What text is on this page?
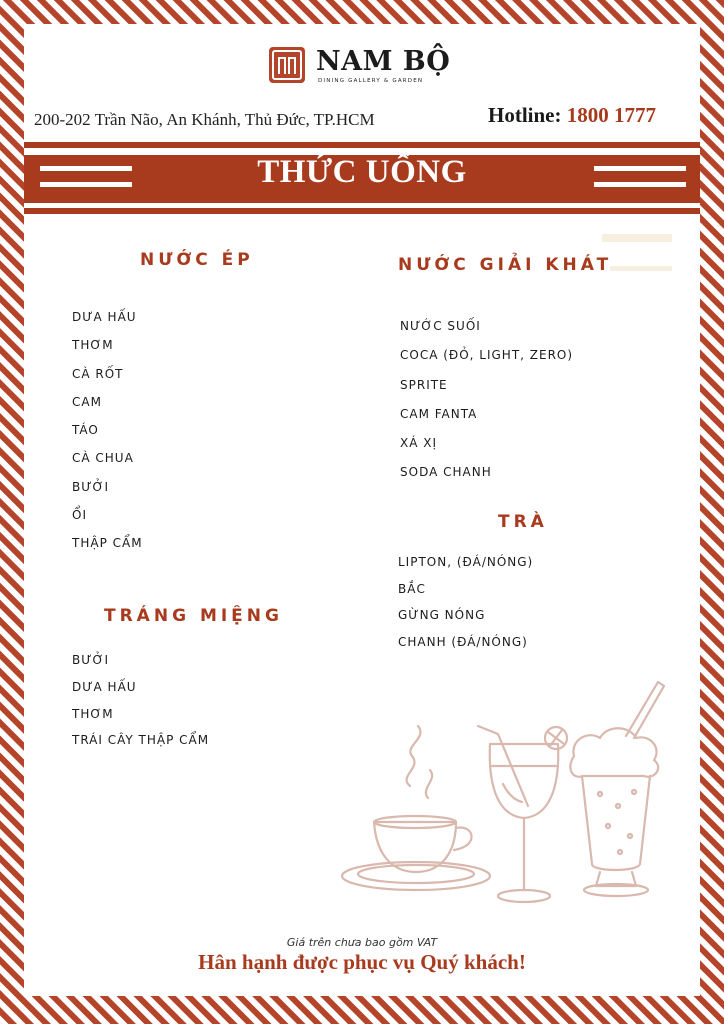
NAM BỘ
DINING GALLERY & GARDEN
200-202 Trần Não, An Khánh, Thủ Đức, TP.HCM	Hotline: 1800 1777
THỨC UỐNG
NƯỚC ÉP
DƯA HẤU
THƠM
CÀ RỐT
CAM
TÁO
CÀ CHUA
BƯỞI
ỔI
THẬP CẨM
TRÁNG MIỆNG
BƯỞI
DƯA HẤU
THƠM
TRÁI CÂY THẬP CẨM
NƯỚC GIẢI KHÁT
NƯỚC SUỐI
COCA (ĐỎ, LIGHT, ZERO)
SPRITE
CAM FANTA
XÁ XỊ
SODA CHANH
TRÀ
LIPTON, (ĐÁ/NÓNG)
BẮC
GỪNG NÓNG
CHANH (ĐÁ/NÓNG)
Giá trên chưa bao gồm VAT
Hân hạnh được phục vụ Quý khách!
